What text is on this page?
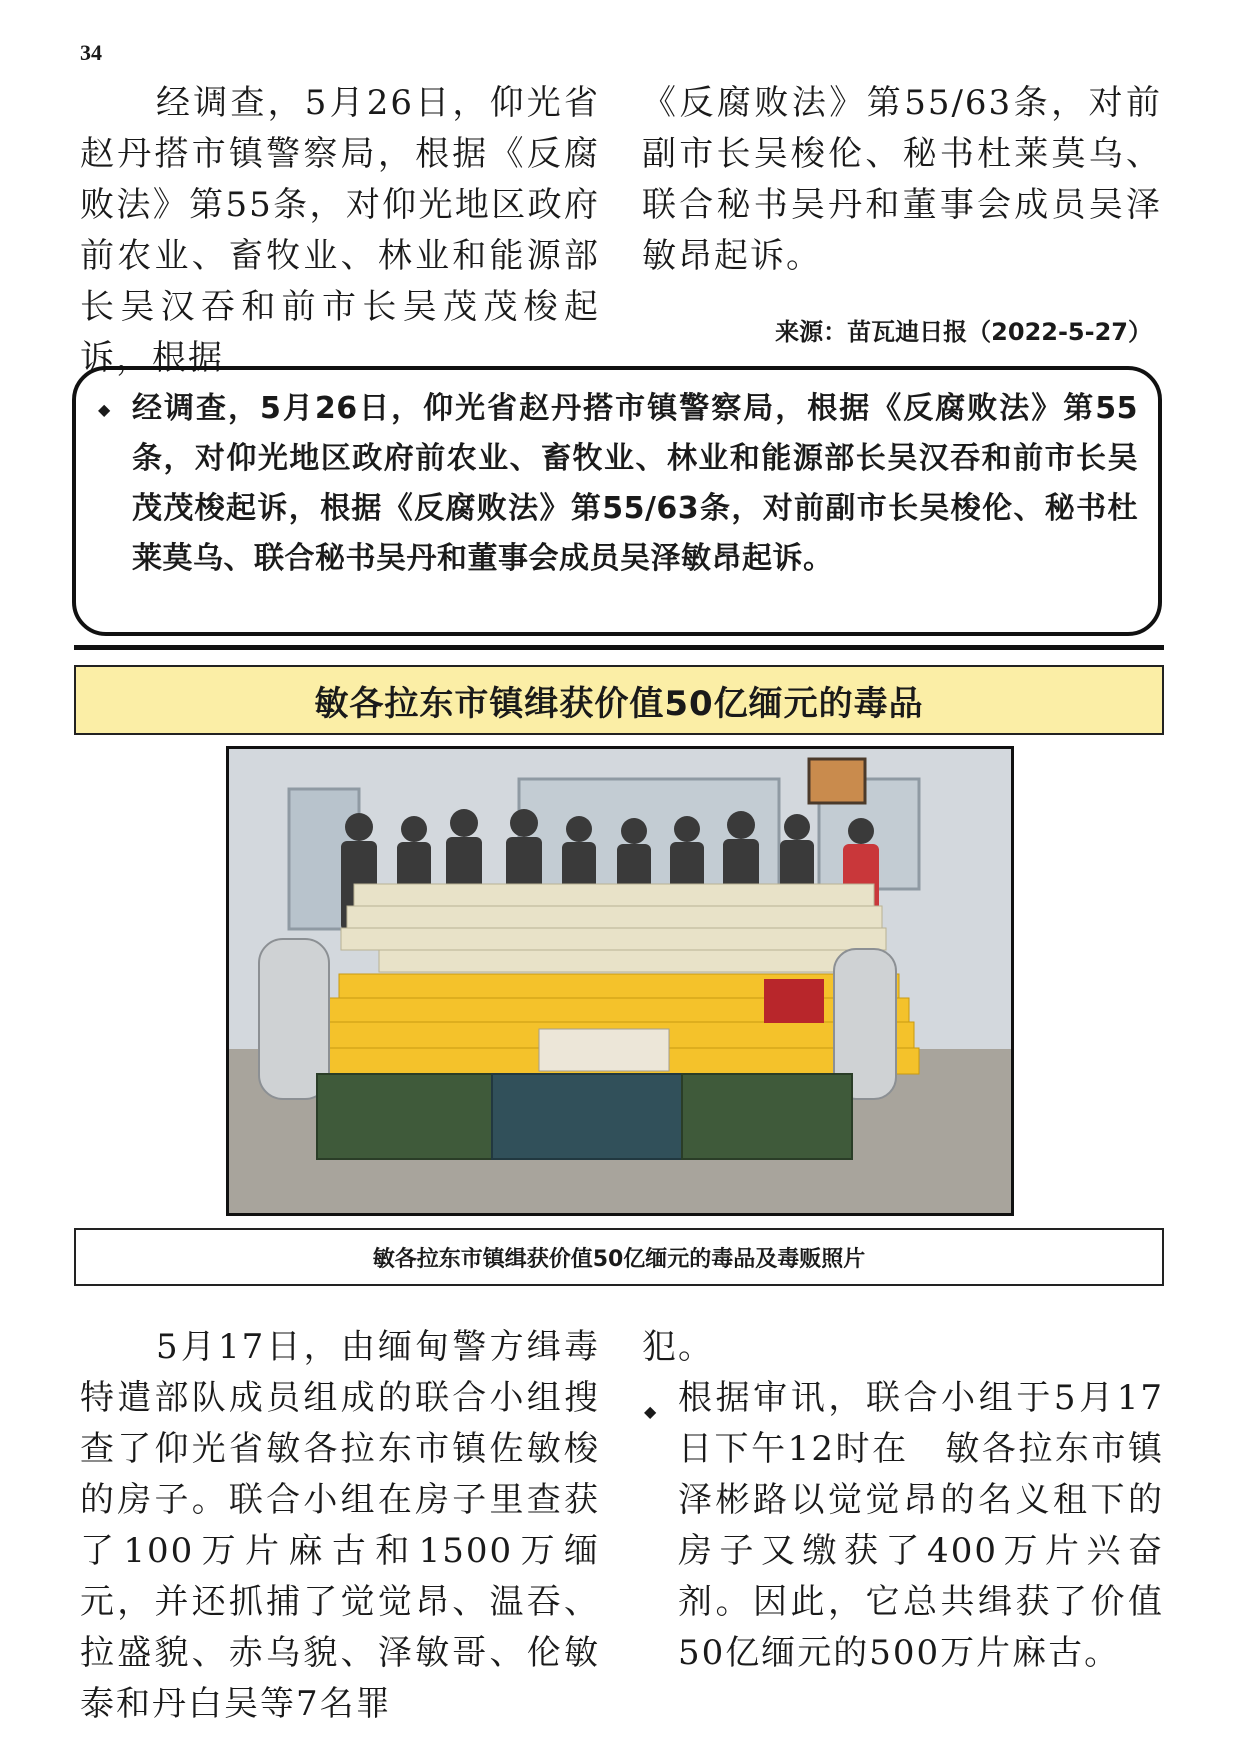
34

经调查，5月26日，仰光省赵丹搭市镇警察局，根据《反腐败法》第55条，对仰光地区政府前农业、畜牧业、林业和能源部长吴汉吞和前市长吴茂茂梭起诉，根据

《反腐败法》第55/63条，对前副市长吴梭伦、秘书杜莱莫乌、联合秘书吴丹和董事会成员吴泽敏昂起诉。

来源：苗瓦迪日报（2022-5-27）
◆ 经调查，5月26日，仰光省赵丹搭市镇警察局，根据《反腐败法》第55条，对仰光地区政府前农业、畜牧业、林业和能源部长吴汉吞和前市长吴茂茂梭起诉，根据《反腐败法》第55/63条，对前副市长吴梭伦、秘书杜莱莫乌、联合秘书吴丹和董事会成员吴泽敏昂起诉。
敏各拉东市镇缉获价值50亿缅元的毒品
敏各拉东市镇缉获价值50亿缅元的毒品及毒贩照片

5月17日，由缅甸警方缉毒特遣部队成员组成的联合小组搜查了仰光省敏各拉东市镇佐敏梭的房子。联合小组在房子里查获了100万片麻古和1500万缅元，并还抓捕了觉觉昂、温吞、拉盛貌、赤乌貌、泽敏哥、伦敏泰和丹白吴等7名罪

犯。

◆ 根据审讯，联合小组于5月17日下午12时在　敏各拉东市镇泽彬路以觉觉昂的名义租下的房子又缴获了400万片兴奋剂。因此，它总共缉获了价值50亿缅元的500万片麻古。
